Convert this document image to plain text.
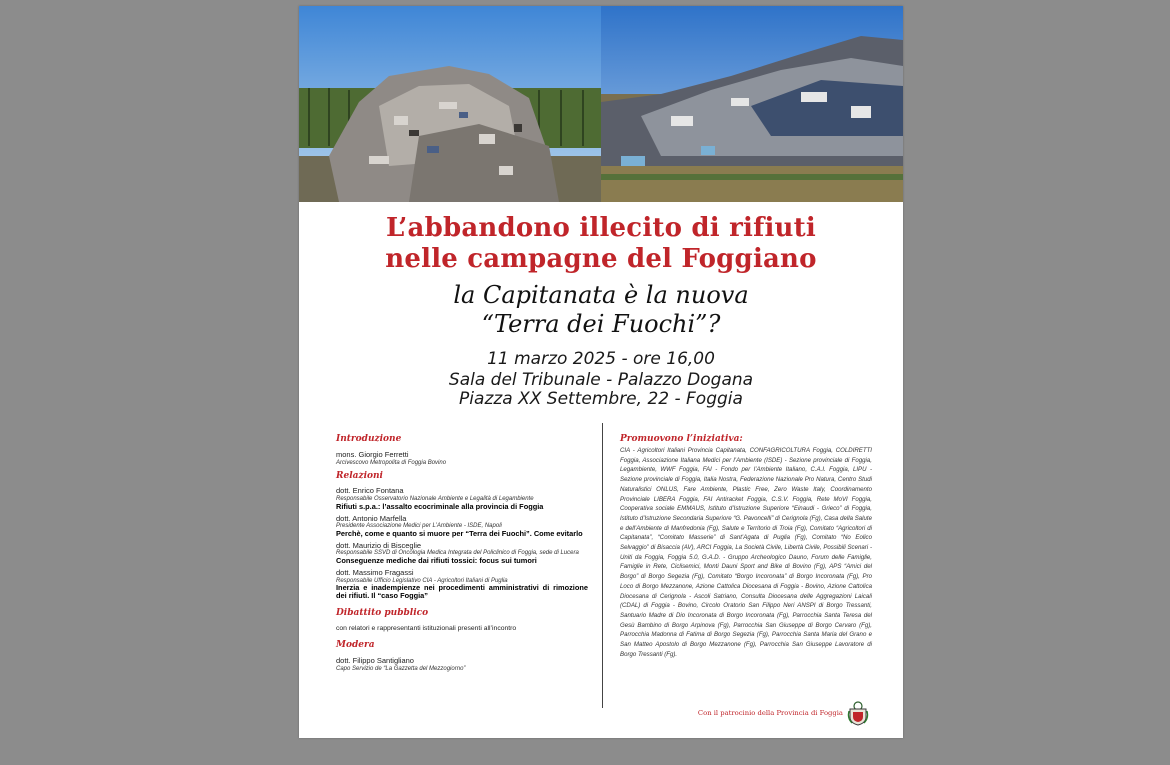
L’abbandono illecito di rifiuti
nelle campagne del Foggiano
la Capitanata è la nuova
“Terra dei Fuochi”?
11 marzo 2025 - ore 16,00
Sala del Tribunale - Palazzo Dogana
Piazza XX Settembre, 22 - Foggia
Introduzione
mons. Giorgio Ferretti
Arcivescovo Metropolita di Foggia Bovino
Relazioni
dott. Enrico Fontana
Responsabile Osservatorio Nazionale Ambiente e Legalità di Legambiente
Rifiuti s.p.a.: l’assalto ecocriminale alla provincia di Foggia
dott. Antonio Marfella
Presidente Associazione Medici per L’Ambiente - ISDE, Napoli
Perchè, come e quanto si muore per “Terra dei Fuochi”. Come evitarlo
dott. Maurizio di Bisceglie
Responsabile SSVD di Oncologia Medica Integrata del Policlinico di Foggia, sede di Lucera
Conseguenze mediche dai rifiuti tossici: focus sui tumori
dott. Massimo Fragassi
Responsabile Ufficio Legislativo CIA - Agricoltori Italiani di Puglia
Inerzia e inadempienze nei procedimenti amministrativi di rimozione dei rifiuti. Il “caso Foggia”
Dibattito pubblico
con relatori e rappresentanti istituzionali presenti all’incontro
Modera
dott. Filippo Santigliano
Capo Servizio de “La Gazzetta del Mezzogiorno”
Promuovono l’iniziativa:
CIA - Agricoltori Italiani Provincia Capitanata, CONFAGRICOLTURA Foggia, COLDIRETTI Foggia, Associazione Italiana Medici per l’Ambiente (ISDE) - Sezione provinciale di Foggia, Legambiente, WWF Foggia, FAI - Fondo per l’Ambiente Italiano, C.A.I. Foggia, LIPU - Sezione provinciale di Foggia, Italia Nostra, Federazione Nazionale Pro Natura, Centro Studi Naturalistici ONLUS, Fare Ambiente, Plastic Free, Zero Waste Italy, Coordinamento Provinciale LIBERA Foggia, FAI Antiracket Foggia, C.S.V. Foggia, Rete MoVI Foggia, Cooperativa sociale EMMAUS, Istituto d’Istruzione Superiore “Einaudi - Grieco” di Foggia, Istituto d’Istruzione Secondaria Superiore “G. Pavoncelli” di Cerignola (Fg), Casa della Salute e dell’Ambiente di Manfredonia (Fg), Salute e Territorio di Troia (Fg), Comitato “Agricoltori di Capitanata”, “Comitato Masserie” di Sant’Agata di Puglia (Fg), Comitato “No Eolico Selvaggio” di Bisaccia (AV), ARCI Foggia, La Società Civile, Libertà Civile, Possibili Scenari - Uniti da Foggia, Foggia 5.0, G.A.D. - Gruppo Archeologico Dauno, Forum delle Famiglie, Famiglie in Rete, Ciclisemici, Monti Dauni Sport and Bike di Bovino (Fg), APS “Amici del Borgo” di Borgo Segezia (Fg), Comitato “Borgo Incoronata” di Borgo Incoronata (Fg), Pro Loco di Borgo Mezzanone, Azione Cattolica Diocesana di Foggia - Bovino, Azione Cattolica Diocesana di Cerignola - Ascoli Satriano, Consulta Diocesana delle Aggregazioni Laicali (CDAL) di Foggia - Bovino, Circolo Oratorio San Filippo Neri ANSPI di Borgo Tressanti, Santuario Madre di Dio Incoronata di Borgo Incoronata (Fg), Parrocchia Santa Teresa del Gesù Bambino di Borgo Arpinova (Fg), Parrocchia San Giuseppe di Borgo Cervaro (Fg), Parrocchia Madonna di Fatima di Borgo Segezia (Fg), Parrocchia Santa Maria del Grano e San Matteo Apostolo di Borgo Mezzanone (Fg), Parrocchia San Giuseppe Lavoratore di Borgo Tressanti (Fg).
Con il patrocinio della Provincia di Foggia
